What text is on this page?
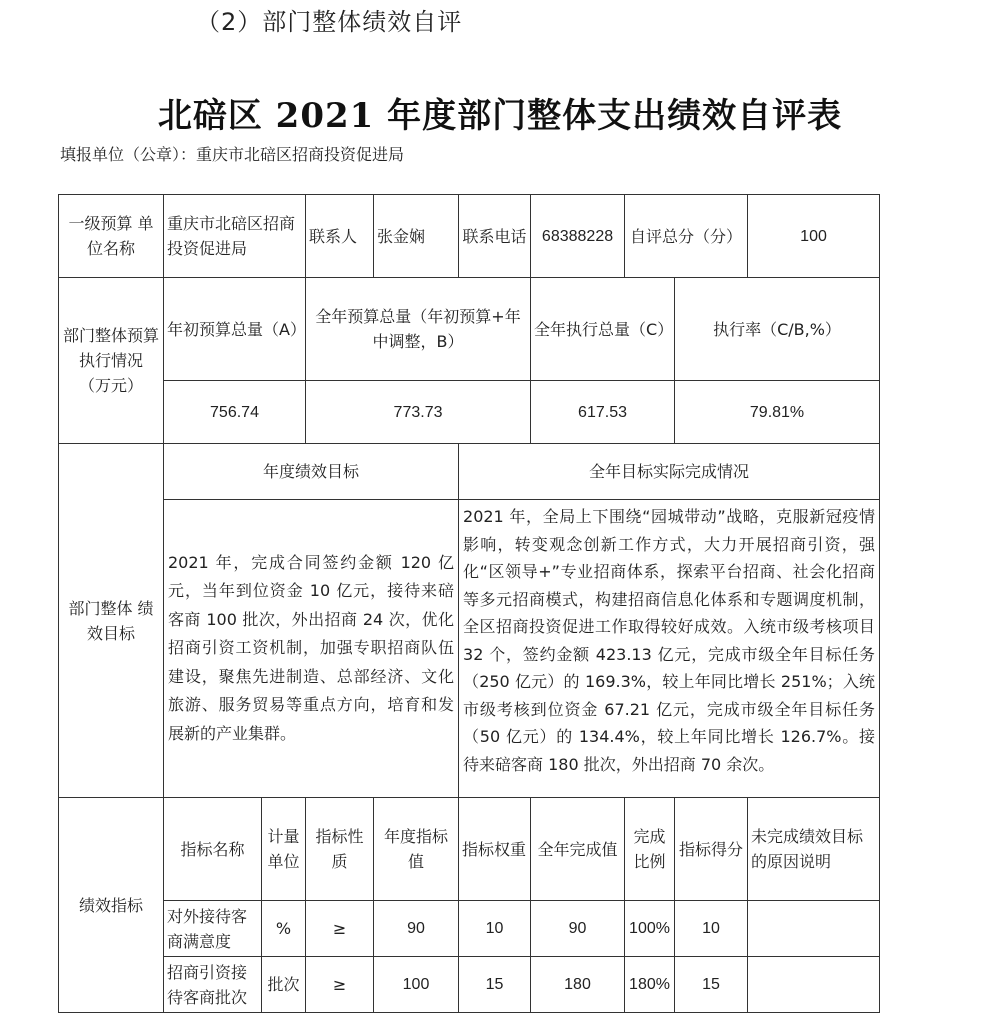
（2）部门整体绩效自评
北碚区 2021 年度部门整体支出绩效自评表
填报单位（公章）：重庆市北碚区招商投资促进局
一级预算 单位名称	重庆市北碚区招商投资促进局		联系人	张金娴	联系电话	68388228	自评总分（分）		100
部门整体预算执行情况 （万元）	年初预算总量（A）		全年预算总量（年初预算+年中调整，B）			全年执行总量（C）		执行率（C/B,%）	
	756.74		773.73			617.53		79.81%	
部门整体 绩效目标	年度绩效目标				全年目标实际完成情况				
	2021 年，完成合同签约金额 120 亿元，当年到位资金 10 亿元，接待来碚客商 100 批次，外出招商 24 次，优化招商引资工资机制，加强专职招商队伍建设，聚焦先进制造、总部经济、文化旅游、服务贸易等重点方向，培育和发展新的产业集群。				2021 年，全局上下围绕“园城带动”战略，克服新冠疫情影响，转变观念创新工作方式，大力开展招商引资，强化“区领导+”专业招商体系，探索平台招商、社会化招商等多元招商模式，构建招商信息化体系和专题调度机制，全区招商投资促进工作取得较好成效。入统市级考核项目 32 个，签约金额 423.13 亿元，完成市级全年目标任务（250 亿元）的 169.3%，较上年同比增长 251%；入统市级考核到位资金 67.21 亿元，完成市级全年目标任务（50 亿元）的 134.4%，较上年同比增长 126.7%。接待来碚客商 180 批次，外出招商 70 余次。				
绩效指标	指标名称	计量单位	指标性质	年度指标值	指标权重	全年完成值	完成比例	指标得分	未完成绩效目标的原因说明
	对外接待客商满意度	%	≥	90	10	90	100%	10	
	招商引资接待客商批次	批次	≥	100	15	180	180%	15	
